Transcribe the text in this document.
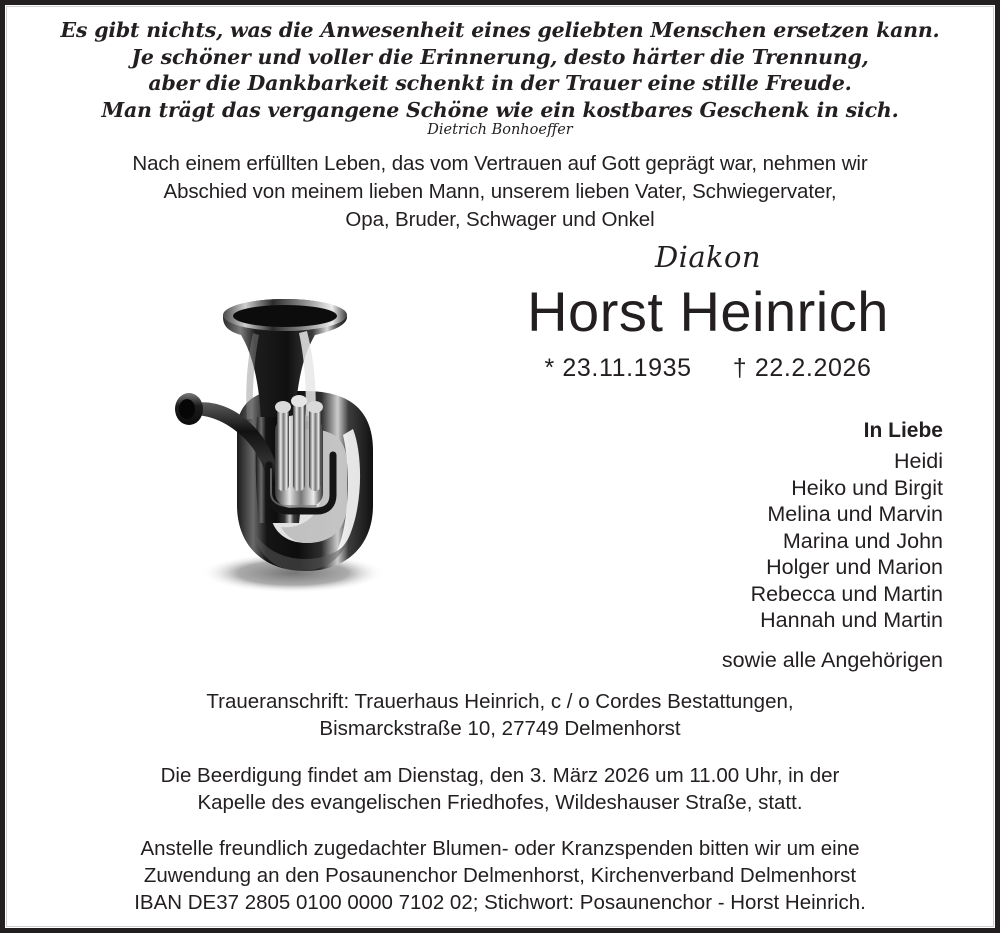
Es gibt nichts, was die Anwesenheit eines geliebten Menschen ersetzen kann.
Je schöner und voller die Erinnerung, desto härter die Trennung,
aber die Dankbarkeit schenkt in der Trauer eine stille Freude.
Man trägt das vergangene Schöne wie ein kostbares Geschenk in sich.
Dietrich Bonhoeffer
Nach einem erfüllten Leben, das vom Vertrauen auf Gott geprägt war, nehmen wir
Abschied von meinem lieben Mann, unserem lieben Vater, Schwiegervater,
Opa, Bruder, Schwager und Onkel
Diakon
Horst Heinrich
* 23.11.1935 † 22.2.2026
In Liebe
Heidi
Heiko und Birgit
Melina und Marvin
Marina und John
Holger und Marion
Rebecca und Martin
Hannah und Martin
sowie alle Angehörigen
Traueranschrift: Trauerhaus Heinrich, c / o Cordes Bestattungen,
Bismarckstraße 10, 27749 Delmenhorst
Die Beerdigung findet am Dienstag, den 3. März 2026 um 11.00 Uhr, in der
Kapelle des evangelischen Friedhofes, Wildeshauser Straße, statt.
Anstelle freundlich zugedachter Blumen- oder Kranzspenden bitten wir um eine
Zuwendung an den Posaunenchor Delmenhorst, Kirchenverband Delmenhorst
IBAN DE37 2805 0100 0000 7102 02; Stichwort: Posaunenchor - Horst Heinrich.
